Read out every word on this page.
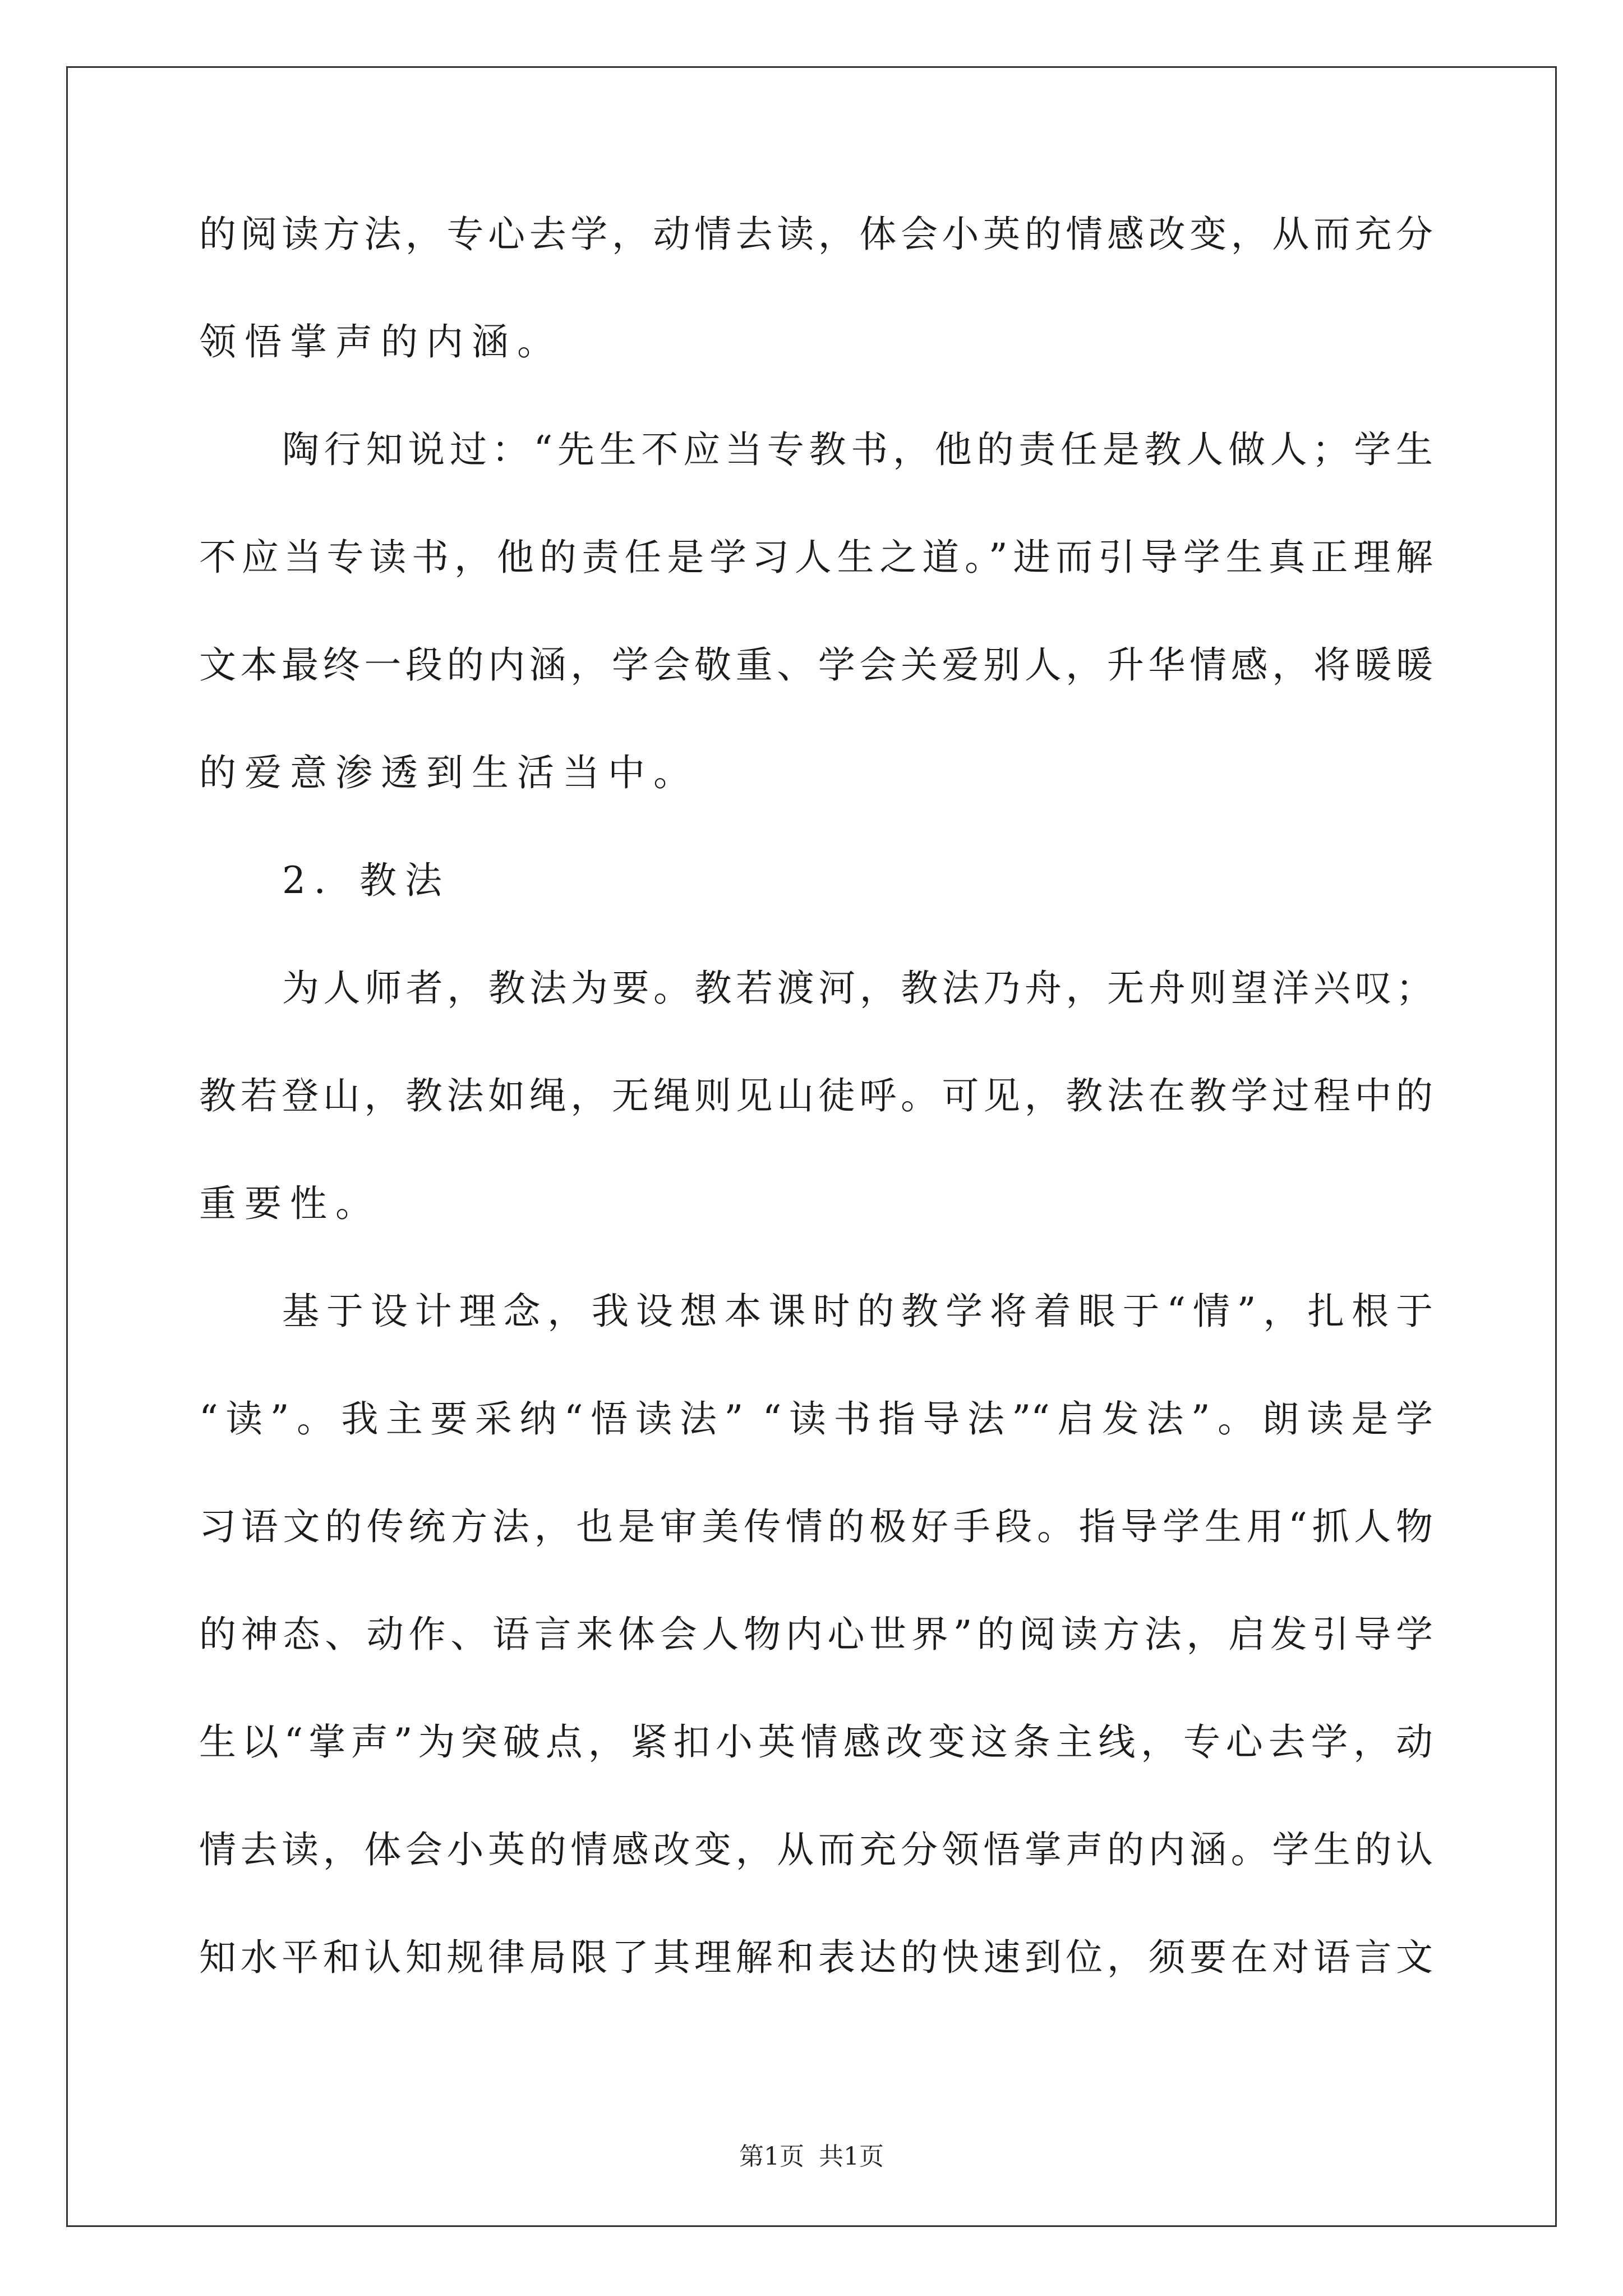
的阅读方法，专心去学，动情去读，体会小英的情感改变，从而充分
领悟掌声的内涵。
陶行知说过：“先生不应当专教书，他的责任是教人做人；学生
不应当专读书，他的责任是学习人生之道。”进而引导学生真正理解
文本最终一段的内涵，学会敬重、学会关爱别人，升华情感，将暖暖
的爱意渗透到生活当中。
2．教法
为人师者，教法为要。教若渡河，教法乃舟，无舟则望洋兴叹；
教若登山，教法如绳，无绳则见山徒呼。可见，教法在教学过程中的
重要性。
基于设计理念，我设想本课时的教学将着眼于“情”，扎根于
“读”。我主要采纳“悟读法” “读书指导法”“启发法”。朗读是学
习语文的传统方法，也是审美传情的极好手段。指导学生用“抓人物
的神态、动作、语言来体会人物内心世界”的阅读方法，启发引导学
生以“掌声”为突破点，紧扣小英情感改变这条主线，专心去学，动
情去读，体会小英的情感改变，从而充分领悟掌声的内涵。学生的认
知水平和认知规律局限了其理解和表达的快速到位，须要在对语言文
第1页 共1页
